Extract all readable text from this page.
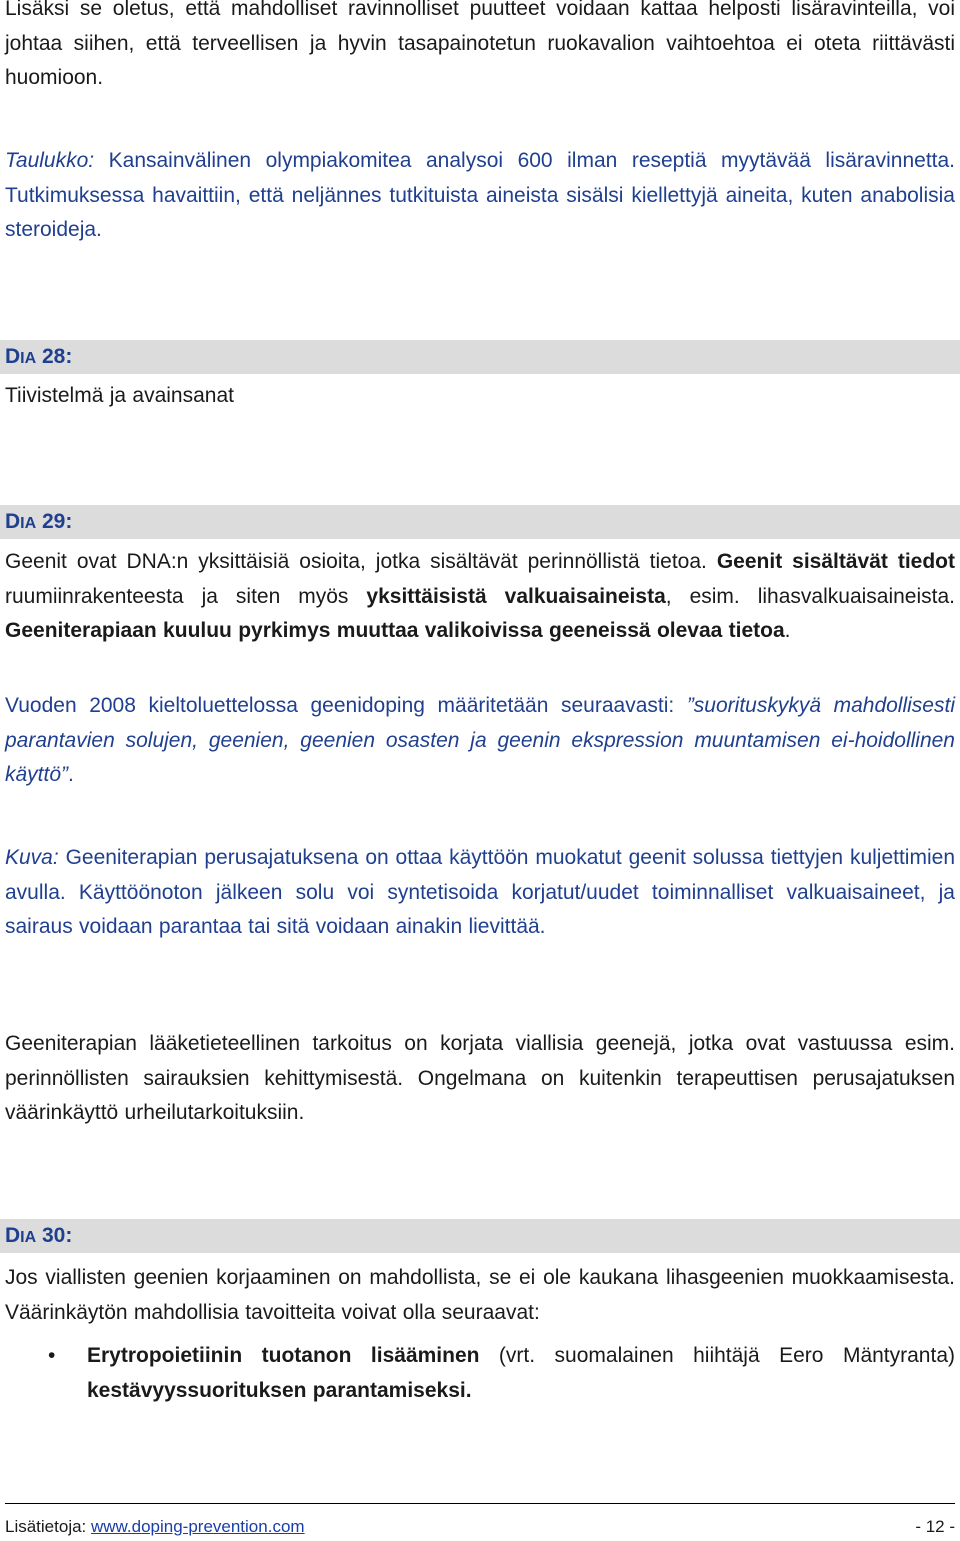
Lisäksi se oletus, että mahdolliset ravinnolliset puutteet voidaan kattaa helposti lisäravinteilla, voi johtaa siihen, että terveellisen ja hyvin tasapainotetun ruokavalion vaihtoehtoa ei oteta riittävästi huomioon.

Taulukko: Kansainvälinen olympiakomitea analysoi 600 ilman reseptiä myytävää lisäravinnetta. Tutkimuksessa havaittiin, että neljännes tutkituista aineista sisälsi kiellettyjä aineita, kuten anabolisia steroideja.

DIA 28:

Tiivistelmä ja avainsanat

DIA 29:

Geenit ovat DNA:n yksittäisiä osioita, jotka sisältävät perinnöllistä tietoa. Geenit sisältävät tiedot ruumiinrakenteesta ja siten myös yksittäisistä valkuaisaineista, esim. lihasvalkuaisaineista. Geeniterapiaan kuuluu pyrkimys muuttaa valikoivissa geeneissä olevaa tietoa.

Vuoden 2008 kieltoluettelossa geenidoping määritetään seuraavasti: ”suorituskykyä mahdollisesti parantavien solujen, geenien, geenien osasten ja geenin ekspression muuntamisen ei-hoidollinen käyttö”.

Kuva: Geeniterapian perusajatuksena on ottaa käyttöön muokatut geenit solussa tiettyjen kuljettimien avulla. Käyttöönoton jälkeen solu voi syntetisoida korjatut/uudet toiminnalliset valkuaisaineet, ja sairaus voidaan parantaa tai sitä voidaan ainakin lievittää.

Geeniterapian lääketieteellinen tarkoitus on korjata viallisia geenejä, jotka ovat vastuussa esim. perinnöllisten sairauksien kehittymisestä. Ongelmana on kuitenkin terapeuttisen perusajatuksen väärinkäyttö urheilutarkoituksiin.

DIA 30:

Jos viallisten geenien korjaaminen on mahdollista, se ei ole kaukana lihasgeenien muokkaamisesta. Väärinkäytön mahdollisia tavoitteita voivat olla seuraavat:

• Erytropoietiinin tuotanon lisääminen (vrt. suomalainen hiihtäjä Eero Mäntyranta) kestävyyssuorituksen parantamiseksi.

Lisätietoja: www.doping-prevention.com	- 12 -
